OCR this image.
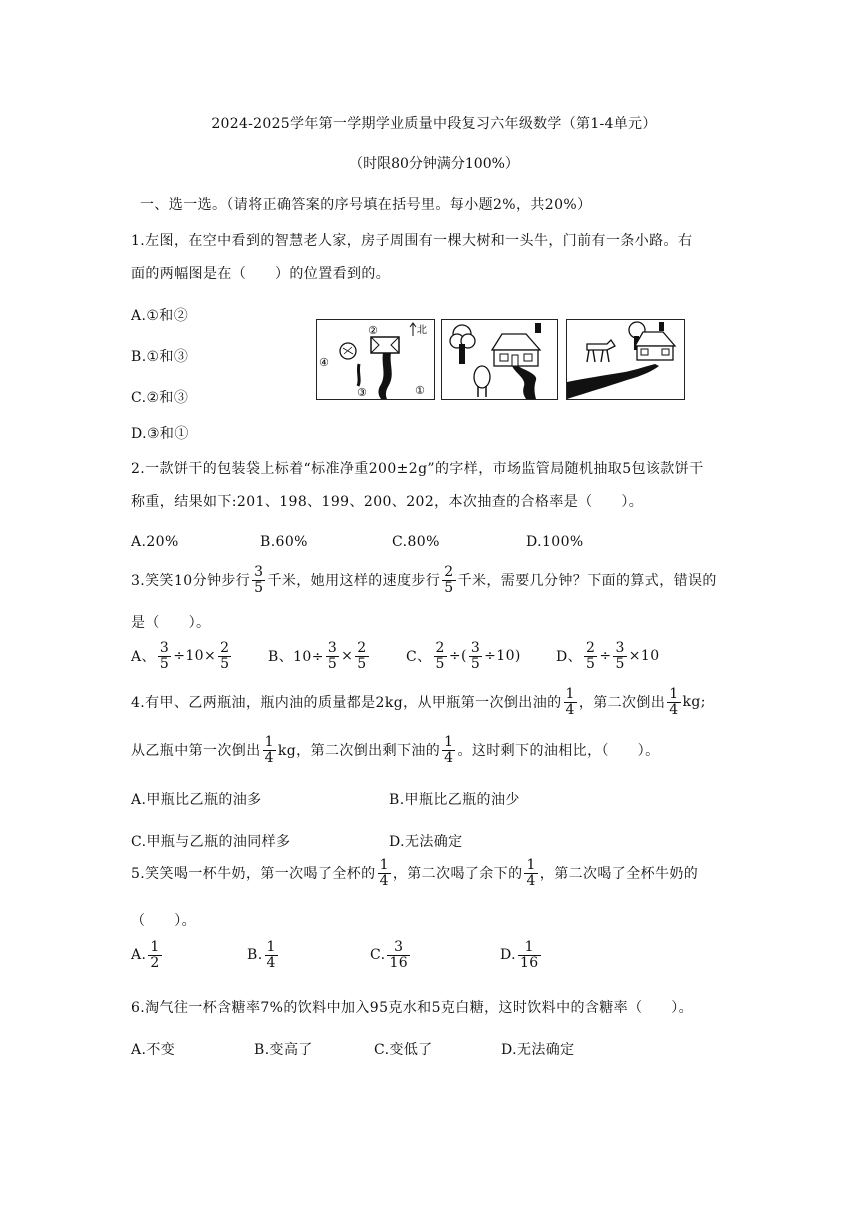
2024-2025学年第一学期学业质量中段复习六年级数学（第1-4单元）
（时限80分钟满分100%）
一、选一选。（请将正确答案的序号填在括号里。每小题2%，共20%）
1.左图，在空中看到的智慧老人家，房子周围有一棵大树和一头牛，门前有一条小路。右
面的两幅图是在（　　）的位置看到的。
A.①和②
B.①和③
C.②和③
D.③和①
②
④
③	①
北
2.一款饼干的包装袋上标着“标准净重200±2g”的字样，市场监管局随机抽取5包该款饼干
称重，结果如下:201、198、199、200、202，本次抽查的合格率是（　　）。
A.20%	B.60%	C.80%	D.100%
3.笑笑10分钟步行 $\frac{3}{5}$ 千米，她用这样的速度步行 $\frac{2}{5}$ 千米，需要几分钟？下面的算式，错误的
是（　　）。
A、 $\frac{3}{5} \div 10\times \frac{2}{5}$	B、$10\div \frac{3}{5} \times \frac{2}{5}$	C、 $\frac{2}{5}$ ÷( $\frac{3}{5} \div 10$)	D、 $\frac{2}{5} \div \frac{3}{5} \times 10$
4.有甲、乙两瓶油，瓶内油的质量都是2kg，从甲瓶第一次倒出油的 $\frac{1}{4}$ ，第二次倒出 $\frac{1}{4}$ kg;
从乙瓶中第一次倒出 $\frac{1}{4}$ kg，第二次倒出剩下油的 $\frac{1}{4}$ 。这时剩下的油相比，（　　）。
A.甲瓶比乙瓶的油多	B.甲瓶比乙瓶的油少
C.甲瓶与乙瓶的油同样多	D.无法确定
5.笑笑喝一杯牛奶，第一次喝了全杯的 $\frac{1}{4}$ ，第二次喝了余下的 $\frac{1}{4}$ ，第二次喝了全杯牛奶的
（　　）。
A. $\frac{1}{2}$	B. $\frac{1}{4}$	C. $\frac{3}{16}$	D. $\frac{1}{16}$
6.淘气往一杯含糖率7%的饮料中加入95克水和5克白糖，这时饮料中的含糖率（　　）。
A.不变	B.变高了	C.变低了	D.无法确定
